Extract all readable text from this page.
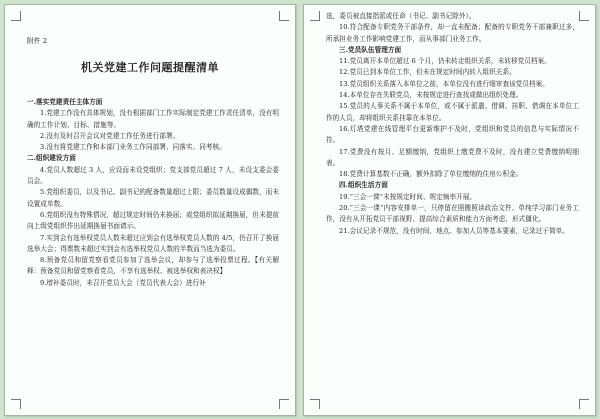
附件 2
机关党建工作问题提醒清单

一.落实党建责任主体方面

1.党建工作没有具体规划，没有根据部门工作实际制定党建工作责任清单，没有明确的工作计划、目标、措施等。

2.没有及时召开会议对党建工作任务进行部署。

3.没有将党建工作和本部门业务工作同部署、同落实、同考核。

二.组织建设方面

4.党员人数超过 3 人，应设而未设党组织；党支部党员超过 7 人，未设支委会委员会。

5.党组织委员，以及书记、副书记的配备数量超过上限；委员数量设成偶数，而未设置成单数。

6.党组织没有特殊情况，超过规定时间仍未换届；或党组织拟延期换届，但未提前向上级党组织作出延期换届书面请示。

7.实到会有选举权党员人数未超过应到会有选举权党员人数的 4/5，仍召开了换届选举大会；得票数未超过实到会有选举权党员人数的半数而当选为委员。

8.预备党员和留党察看党员参加了选举会议，却参与了选举投票过程。【有关解释：预备党员和留党察看党员，不享有选举权、被选举权和表决权】

9.增补委员时，未召开党员大会（党员代表大会）进行补

选，委员被直接指派或任命（书记、副书记除外）。

10.符合配备专职党务干部条件，却一直未配备；配备的专职党务干部兼职过多，所承担业务工作影响党建工作，而从事部门业务工作。

三.党员队伍管理方面

11.党员离开本单位超过 6 个月，仍未转走组织关系，未转移党员档案。

12.党员已到本单位工作，但未在规定时间内转入组织关系。

13.党员组织关系落入本单位之前，本单位没有进行细审查该党员档案。

14.本单位存在失联党员，未按规定进行查找或做出组织处理。

15.党员的人事关系不属于本单位，或不属于派遣、借调、挂职、借调在本单位工作的人员，却将组织关系挂靠在本单位。

16.灯塔党建在线管理平台更新维护不及时，党组织和党员的信息与实际情况不符。

17.党费没有按月、足额缴纳，党组织上缴党费不及时，没有建立党费缴纳明细表。

18.党费计算基数不正确，额外扣除了单位缴纳的住房公积金。

四.组织生活方面

19.“三会一课”未按规定时间、规定频率开展。

20.“三会一课”内容安排单一，只停留在照搬照读政治文件、单纯学习部门业务工作，没有从开拓党员干部视野、提高综合素质和能力方面考虑，形式僵化。

21.会议记录不规范，没有时间、地点、参加人员等基本要素，记录过于简单。
